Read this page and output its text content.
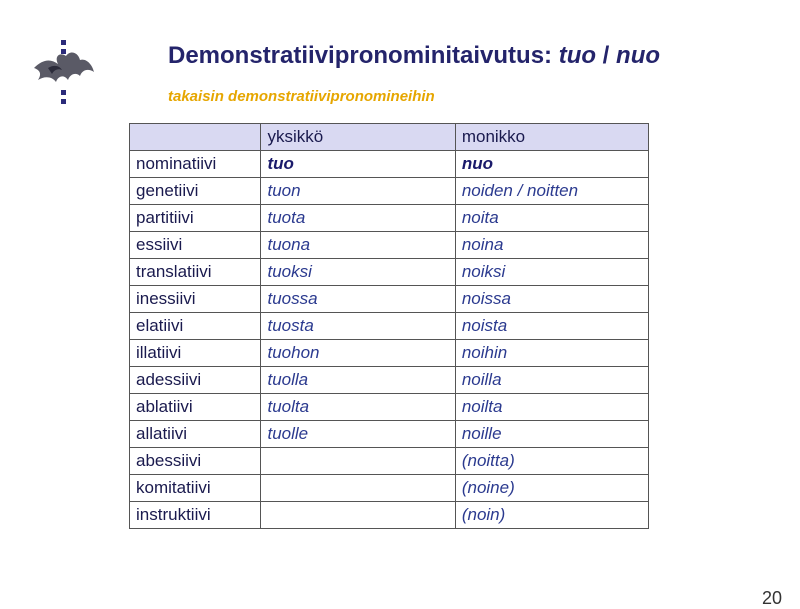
Demonstratiivipronominitaivutus: tuo / nuo
takaisin demonstratiivipronomineihin
	yksikkö	monikko
nominatiivi	tuo	nuo
genetiivi	tuon	noiden / noitten
partitiivi	tuota	noita
essiivi	tuona	noina
translatiivi	tuoksi	noiksi
inessiivi	tuossa	noissa
elatiivi	tuosta	noista
illatiivi	tuohon	noihin
adessiivi	tuolla	noilla
ablatiivi	tuolta	noilta
allatiivi	tuolle	noille
abessiivi		(noitta)
komitatiivi		(noine)
instruktiivi		(noin)
20
